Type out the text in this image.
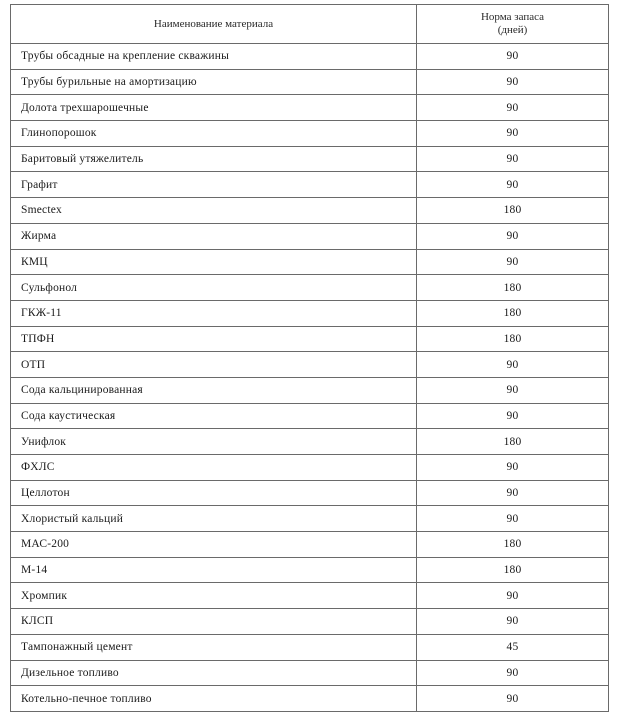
Наименование материала	Норма запаса
(дней)

Трубы обсадные на крепление скважины	90
Трубы бурильные на амортизацию	90
Долота трехшарошечные	90
Глинопорошок	90
Баритовый утяжелитель	90
Графит	90
Smectex	180
Жирма	90
КМЦ	90
Сульфонол	180
ГКЖ-11	180
ТПФН	180
ОТП	90
Сода кальцинированная	90
Сода каустическая	90
Унифлок	180
ФХЛС	90
Целлотон	90
Хлористый кальций	90
МАС-200	180
М-14	180
Хромпик	90
КЛСП	90
Тампонажный цемент	45
Дизельное топливо	90
Котельно-печное топливо	90
